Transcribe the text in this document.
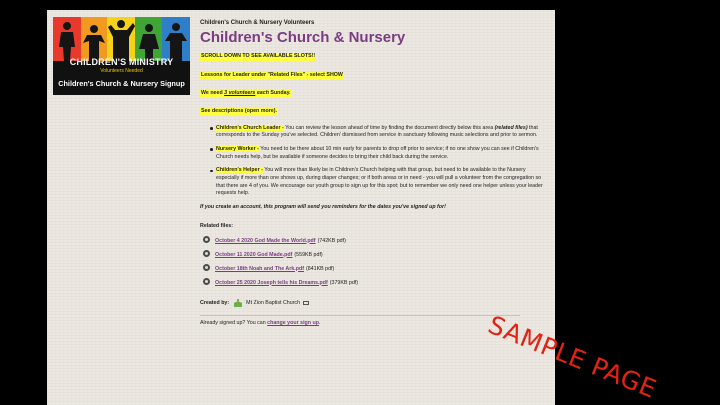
CHILDREN'S MINISTRY
Volunteers Needed
Children's Church & Nursery Signup
Children's Church & Nursery Volunteers
Children's Church & Nursery
SCROLL DOWN TO SEE AVAILABLE SLOTS!!
Lessons for Leader under "Related Files" - select SHOW
We need 3 volunteers each Sunday.
See descriptions (open more).
Children's Church Leader - You can review the lesson ahead of time by finding the document directly below this area (related files) that corresponds to the Sunday you've selected. Children' dismissed from service in sanctuary following music selections and prior to sermon.
Nursery Worker - You need to be there about 10 min early for parents to drop off prior to service; if no one show you can see if Children's Church needs help, but be available if someone decides to bring their child back during the service.
Children's Helper - You will more than likely be in Children's Church helping with that group, but need to be available to the Nursery especially if more than one shows up, during diaper changes; or if both areas or in need - you will pull a volunteer from the congregation so that there are 4 of you. We encourage our youth group to sign up for this spot; but to remember we only need one helper unless your leader requests help.
If you create an account, this program will send you reminders for the dates you've signed up for!
Related files:
October 4 2020 God Made the World.pdf (742KB pdf)
October 11 2020 God Made.pdf (559KB pdf)
October 18th Noah and The Ark.pdf (841KB pdf)
October 25 2020 Joseph tells his Dreams.pdf (379KB pdf)
Created by:	Mt Zion Baptist Church
Already signed up? You can change your sign up.	SAMPLE PAGE
